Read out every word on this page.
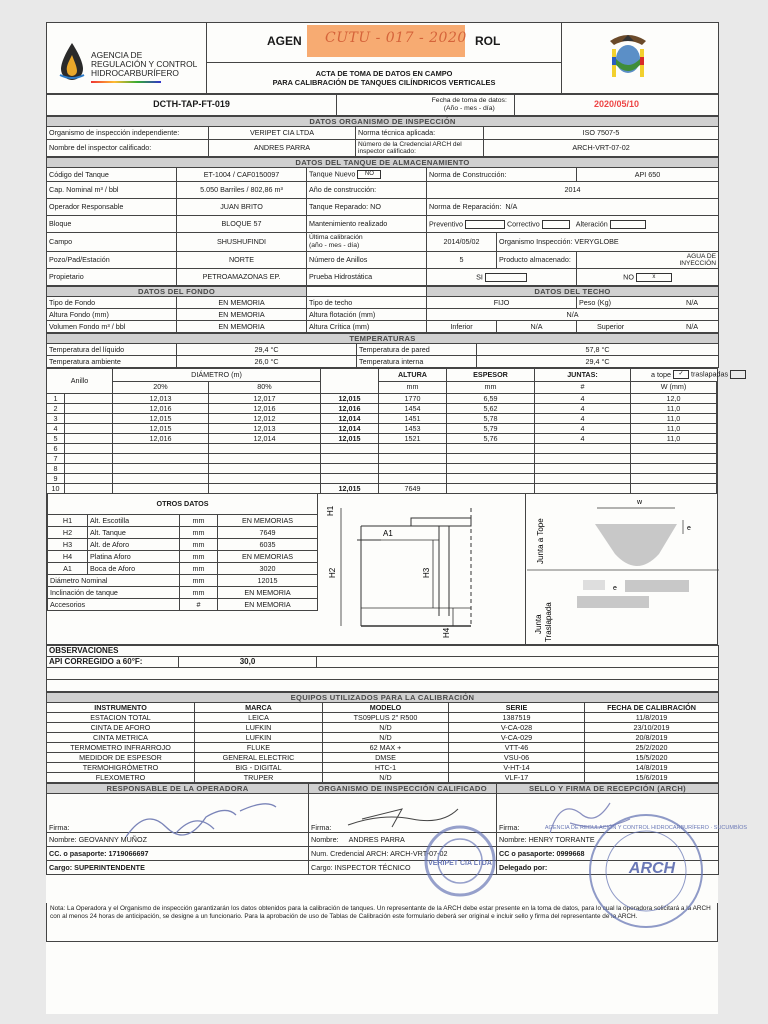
AGENCIA DE
REGULACIÓN Y CONTROL
HIDROCARBURÍFERO

AGEN	ROL
CUTU - 017 - 2020

ACTA DE TOMA DE DATOS EN CAMPO
PARA CALIBRACIÓN DE TANQUES CILÍNDRICOS VERTICALES
DCTH-TAP-FT-019		Fecha de toma de datos:
(Año - mes - día)	2020/05/10
DATOS ORGANISMO DE INSPECCIÓN			
Organismo de inspección independiente:	VERIPET CIA LTDA	Norma técnica aplicada:	ISO 7507-5
Nombre del inspector calificado:	ANDRES PARRA	Número de la Credencial ARCH del
inspector calificado:	ARCH-VRT-07-02
DATOS DEL TANQUE DE ALMACENAMIENTO					
Código del Tanque	ET-1004 / CAF0150097	Tanque Nuevo NO	Norma de Construcción:		API 650
Cap. Nominal m³ / bbl	5.050 Barriles / 802,86 m³	Año de construcción:	2014		
Operador Responsable	JUAN BRITO	Tanque Reparado: NO	Norma de Reparación: N/A		
Bloque	BLOQUE 57	Mantenimiento realizado	Preventivo Correctivo Alteración		
Campo	SHUSHUFINDI	Última calibración
(año - mes - día)	2014/05/02	Organismo Inspección: VERYGLOBE	
Pozo/Pad/Estación	NORTE	Número de Anillos	5	Producto almacenado:	AGUA DE
INYECCIÓN

Propietario	PETROAMAZONAS EP.	Prueba Hidrostática	SI		NO x
DATOS DEL FONDO			DATOS DEL TECHO		
Tipo de Fondo	EN MEMORIA	Tipo de techo	FIJO		Peso (Kg) N/A

Altura Fondo (mm)	EN MEMORIA	Altura flotación (mm)	N/A		
Volumen Fondo m³ / bbl	EN MEMORIA	Altura Crítica (mm)	Inferior	N/A	Superior N/A
TEMPERATURAS			
Temperatura del líquido	29,4 °C	Temperatura de pared	57,8 °C
Temperatura ambiente	26,0 °C	Temperatura interna	29,4 °C
Anillo		DIÁMETRO (m)			ALTURA	ESPESOR	JUNTAS:	a tope ✓ traslapadas	
		20%	80%		mm	mm	#	W (mm)	
1		12,013	12,017	12,015	1770	6,59	4	12,0	
2		12,016	12,016	12,016	1454	5,62	4	11,0	
3		12,015	12,012	12,014	1451	5,78	4	11,0	
4		12,015	12,013	12,014	1453	5,79	4	11,0	
5		12,016	12,014	12,015	1521	5,76	4	11,0	
6									
7									
8									
9									
10				12,015	7649				
OTROS DATOS			
H1	Alt. Escotilla	mm	EN MEMORIAS
H2	Alt. Tanque	mm	7649
H3	Alt. de Aforo	mm	6035
H4	Platina Aforo	mm	EN MEMORIAS
A1	Boca de Aforo	mm	3020
Diámetro Nominal		mm	12015
Inclinación de tanque		mm	EN MEMORIA
Accesorios		#	EN MEMORIA
H1
H2	H3
H4
A1	Junta a Tope
Junta Traslapada
w
e
e
OBSERVACIONES
API CORREGIDO a 60°F:	30,0	

EQUIPOS UTILIZADOS PARA LA CALIBRACIÓN				
INSTRUMENTO	MARCA	MODELO	SERIE	FECHA DE CALIBRACIÓN
ESTACION TOTAL	LEICA	TS09PLUS 2" R500	1387519	11/8/2019
CINTA DE AFORO	LUFKIN	N/D	V-CA-028	23/10/2019
CINTA METRICA	LUFKIN	N/D	V-CA-029	20/8/2019
TERMOMETRO INFRARROJO	FLUKE	62 MAX +	VTT-46	25/2/2020
MEDIDOR DE ESPESOR	GENERAL ELECTRIC	DMSE	VSU-06	15/5/2020
TERMOHIGRÓMETRO	BIG - DIGITAL	HTC-1	V-HT-14	14/8/2019
FLEXOMETRO	TRUPER	N/D	VLF-17	15/6/2019
RESPONSABLE DE LA OPERADORA	ORGANISMO DE INSPECCIÓN CALIFICADO	SELLO Y FIRMA DE RECEPCIÓN (ARCH)
Firma:	Firma:	Firma:
Nombre: GEOVANNY MUÑOZ	Nombre: ANDRES PARRA	Nombre: HENRY TORRANTE
CC. o pasaporte: 1719066697	Num. Credencial ARCH: ARCH-VRT-07-02	CC o pasaporte: 0999668
Cargo: SUPERINTENDENTE	Cargo: INSPECTOR TÉCNICO	Delegado por:
VERIPET CIA LTDA	ARCH
AGENCIA DE REGULACIÓN Y CONTROL HIDROCARBURÍFERO · SUCUMBÍOS
Nota: La Operadora y el Organismo de inspección garantizarán los datos obtenidos para la calibración de tanques. Un representante de la ARCH debe estar presente en la toma de datos, para lo cual la operadora solicitará a la ARCH con al menos 24 horas de anticipación, se designe a un funcionario. Para la aprobación de uso de Tablas de Calibración este formulario deberá ser original e incluir sello y firma del representante de la ARCH.
